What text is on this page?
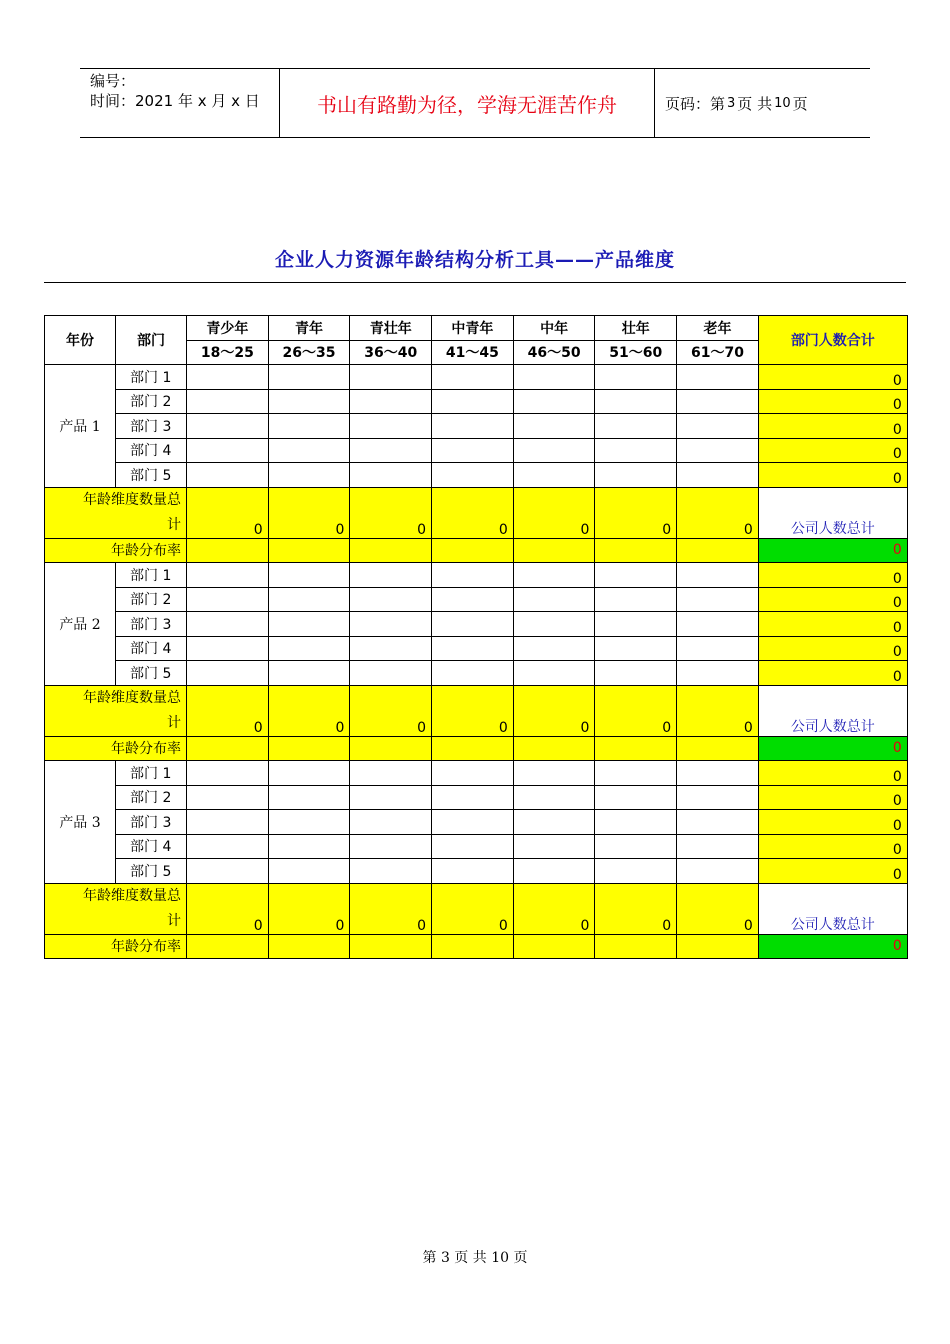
编号：
时间：2021 年 x 月 x 日	书山有路勤为径，学海无涯苦作舟	页码：第 3 页 共 10 页
企业人力资源年龄结构分析工具——产品维度
年份	部门	青少年	青年	青壮年	中青年	中年	壮年	老年	部门人数合计
		18～25	26～35	36～40	41～45	46～50	51～60	61～70	
产品 1	部门 1								0
	部门 2								0
	部门 3								0
	部门 4								0
	部门 5								0

年龄维度数量总
计		0	0	0	0	0	0	0	公司人数总计
年龄分布率									0
产品 2	部门 1								0
	部门 2								0
	部门 3								0
	部门 4								0
	部门 5								0

年龄维度数量总
计		0	0	0	0	0	0	0	公司人数总计
年龄分布率									0
产品 3	部门 1								0
	部门 2								0
	部门 3								0
	部门 4								0
	部门 5								0

年龄维度数量总
计		0	0	0	0	0	0	0	公司人数总计
年龄分布率									0
第 3 页 共 10 页
